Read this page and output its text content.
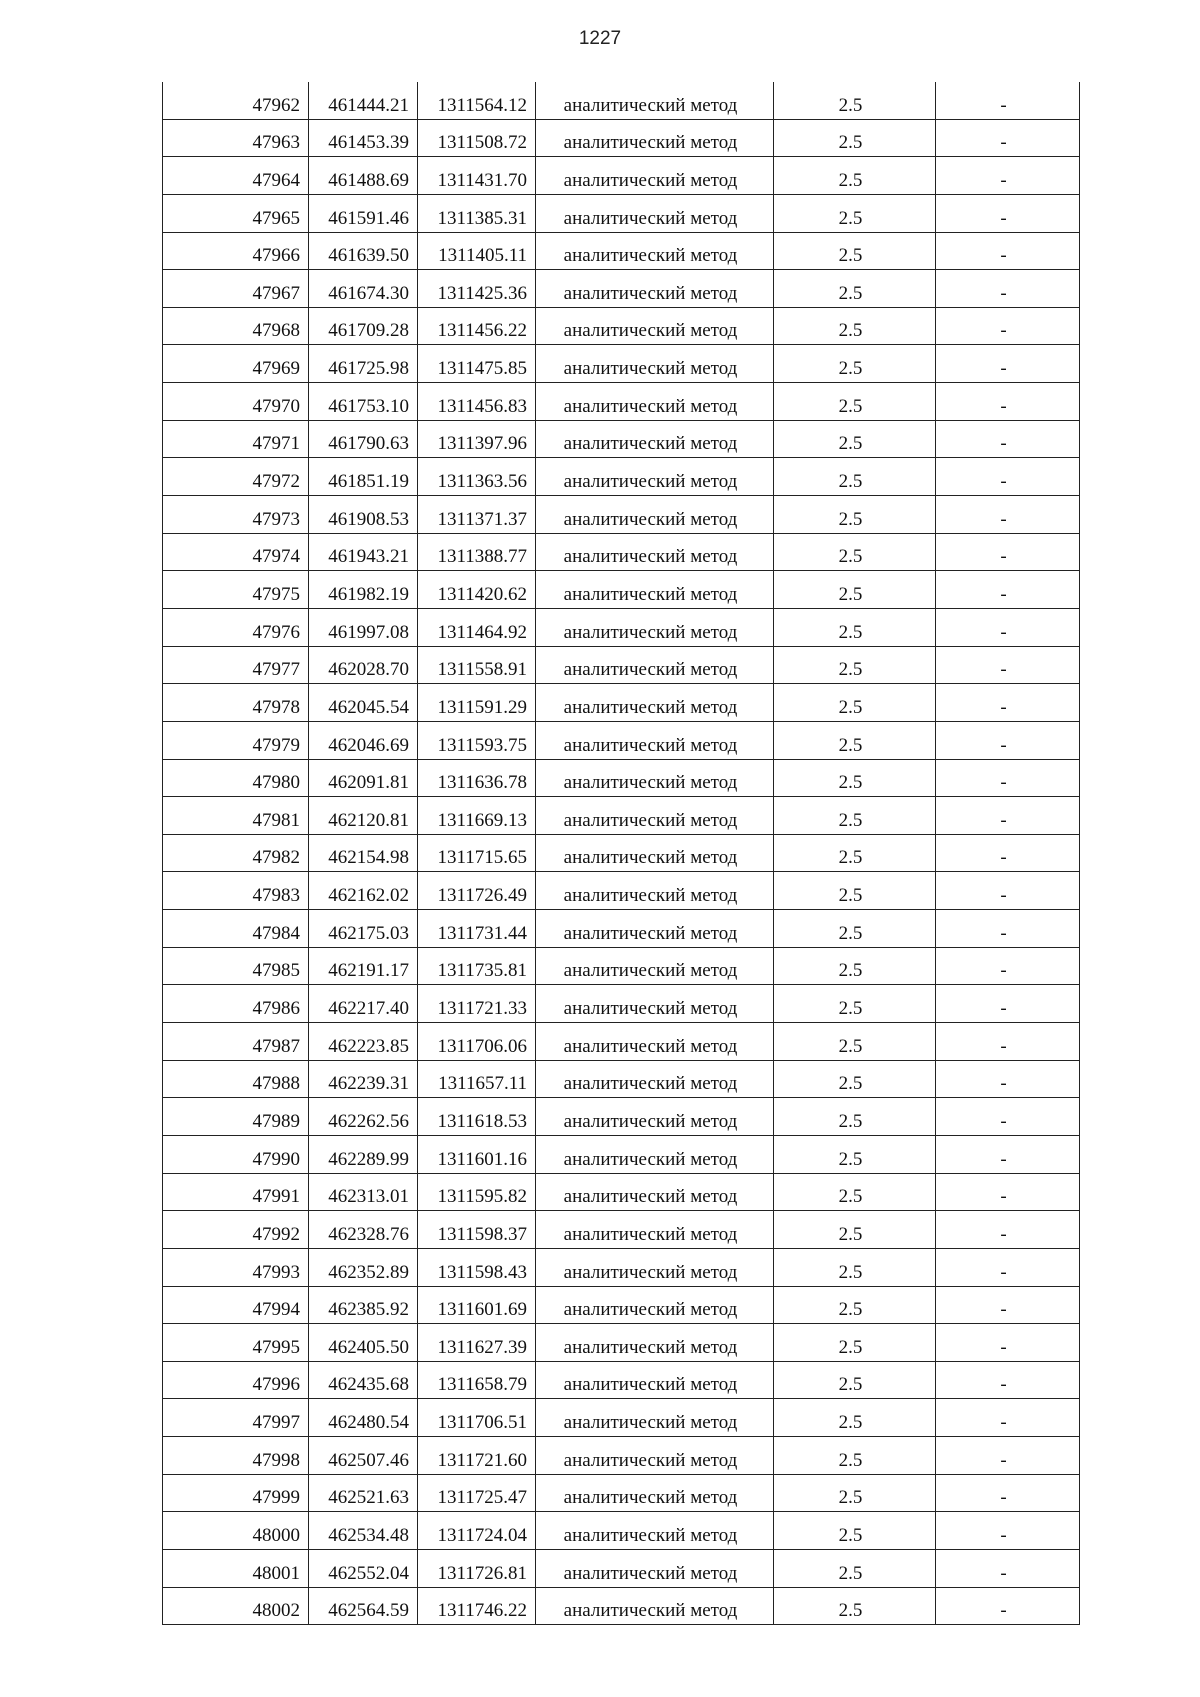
1227
47962	461444.21	1311564.12	аналитический метод	2.5	-
47963	461453.39	1311508.72	аналитический метод	2.5	-
47964	461488.69	1311431.70	аналитический метод	2.5	-
47965	461591.46	1311385.31	аналитический метод	2.5	-
47966	461639.50	1311405.11	аналитический метод	2.5	-
47967	461674.30	1311425.36	аналитический метод	2.5	-
47968	461709.28	1311456.22	аналитический метод	2.5	-
47969	461725.98	1311475.85	аналитический метод	2.5	-
47970	461753.10	1311456.83	аналитический метод	2.5	-
47971	461790.63	1311397.96	аналитический метод	2.5	-
47972	461851.19	1311363.56	аналитический метод	2.5	-
47973	461908.53	1311371.37	аналитический метод	2.5	-
47974	461943.21	1311388.77	аналитический метод	2.5	-
47975	461982.19	1311420.62	аналитический метод	2.5	-
47976	461997.08	1311464.92	аналитический метод	2.5	-
47977	462028.70	1311558.91	аналитический метод	2.5	-
47978	462045.54	1311591.29	аналитический метод	2.5	-
47979	462046.69	1311593.75	аналитический метод	2.5	-
47980	462091.81	1311636.78	аналитический метод	2.5	-
47981	462120.81	1311669.13	аналитический метод	2.5	-
47982	462154.98	1311715.65	аналитический метод	2.5	-
47983	462162.02	1311726.49	аналитический метод	2.5	-
47984	462175.03	1311731.44	аналитический метод	2.5	-
47985	462191.17	1311735.81	аналитический метод	2.5	-
47986	462217.40	1311721.33	аналитический метод	2.5	-
47987	462223.85	1311706.06	аналитический метод	2.5	-
47988	462239.31	1311657.11	аналитический метод	2.5	-
47989	462262.56	1311618.53	аналитический метод	2.5	-
47990	462289.99	1311601.16	аналитический метод	2.5	-
47991	462313.01	1311595.82	аналитический метод	2.5	-
47992	462328.76	1311598.37	аналитический метод	2.5	-
47993	462352.89	1311598.43	аналитический метод	2.5	-
47994	462385.92	1311601.69	аналитический метод	2.5	-
47995	462405.50	1311627.39	аналитический метод	2.5	-
47996	462435.68	1311658.79	аналитический метод	2.5	-
47997	462480.54	1311706.51	аналитический метод	2.5	-
47998	462507.46	1311721.60	аналитический метод	2.5	-
47999	462521.63	1311725.47	аналитический метод	2.5	-
48000	462534.48	1311724.04	аналитический метод	2.5	-
48001	462552.04	1311726.81	аналитический метод	2.5	-
48002	462564.59	1311746.22	аналитический метод	2.5	-
